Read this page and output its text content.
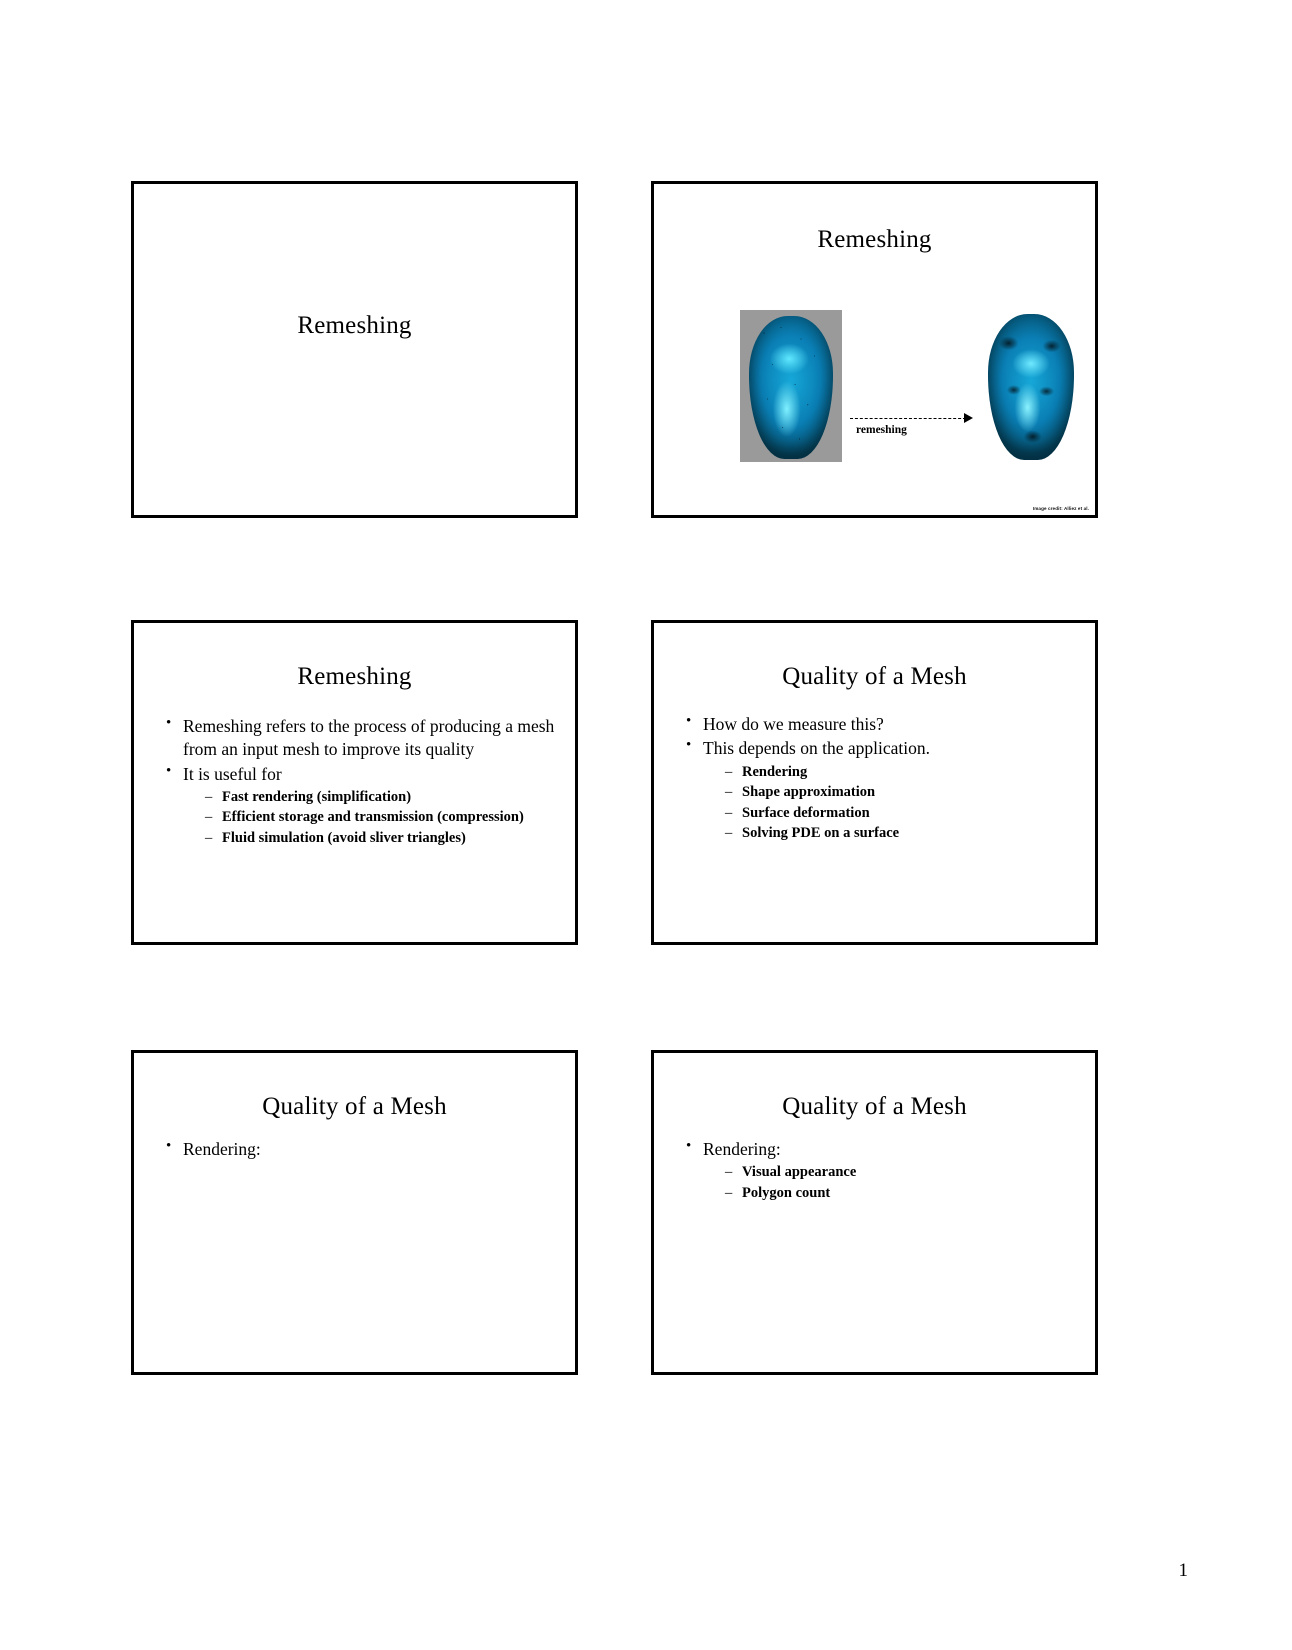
Remeshing
Remeshing
remeshing
Image credit: Alliez et al.
Remeshing
• Remeshing refers to the process of producing a mesh from an input mesh to improve its quality
• It is useful for
– Fast rendering (simplification)
– Efficient storage and transmission (compression)
– Fluid simulation (avoid sliver triangles)
Quality of a Mesh
• How do we measure this?
• This depends on the application.
– Rendering
– Shape approximation
– Surface deformation
– Solving PDE on a surface
Quality of a Mesh
• Rendering:
Quality of a Mesh
• Rendering:
– Visual appearance
– Polygon count
1
